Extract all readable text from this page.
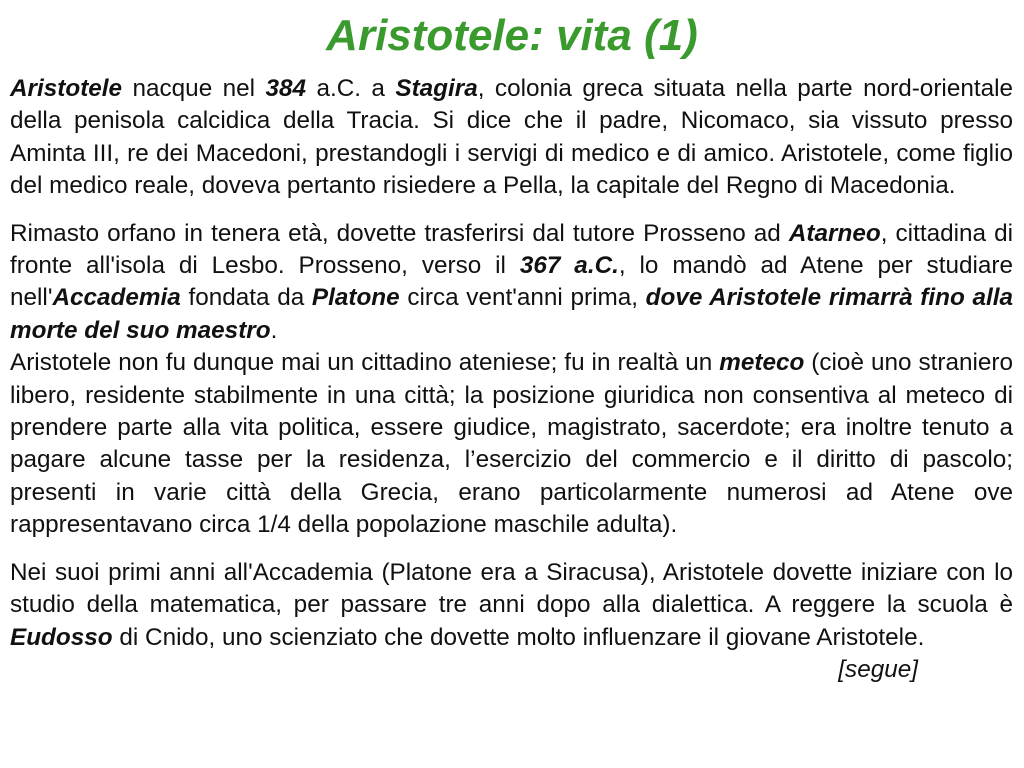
Aristotele: vita (1)

Aristotele nacque nel 384 a.C. a Stagira, colonia greca situata nella parte nord-orientale della penisola calcidica della Tracia. Si dice che il padre, Nicomaco, sia vissuto presso Aminta III, re dei Macedoni, prestandogli i servigi di medico e di amico. Aristotele, come figlio del medico reale, doveva pertanto risiedere a Pella, la capitale del Regno di Macedonia.

Rimasto orfano in tenera età, dovette trasferirsi dal tutore Prosseno ad Atarneo, cittadina di fronte all'isola di Lesbo. Prosseno, verso il 367 a.C., lo mandò ad Atene per studiare nell'Accademia fondata da Platone circa vent'anni prima, dove Aristotele rimarrà fino alla morte del suo maestro.

Aristotele non fu dunque mai un cittadino ateniese; fu in realtà un meteco (cioè uno straniero libero, residente stabilmente in una città; la posizione giuridica non consentiva al meteco di prendere parte alla vita politica, essere giudice, magistrato, sacerdote; era inoltre tenuto a pagare alcune tasse per la residenza, l’esercizio del commercio e il diritto di pascolo; presenti in varie città della Grecia, erano particolarmente numerosi ad Atene ove rappresentavano circa 1/4 della popolazione maschile adulta).

Nei suoi primi anni all'Accademia (Platone era a Siracusa), Aristotele dovette iniziare con lo studio della matematica, per passare tre anni dopo alla dialettica. A reggere la scuola è Eudosso di Cnido, uno scienziato che dovette molto influenzare il giovane Aristotele.
[segue]
